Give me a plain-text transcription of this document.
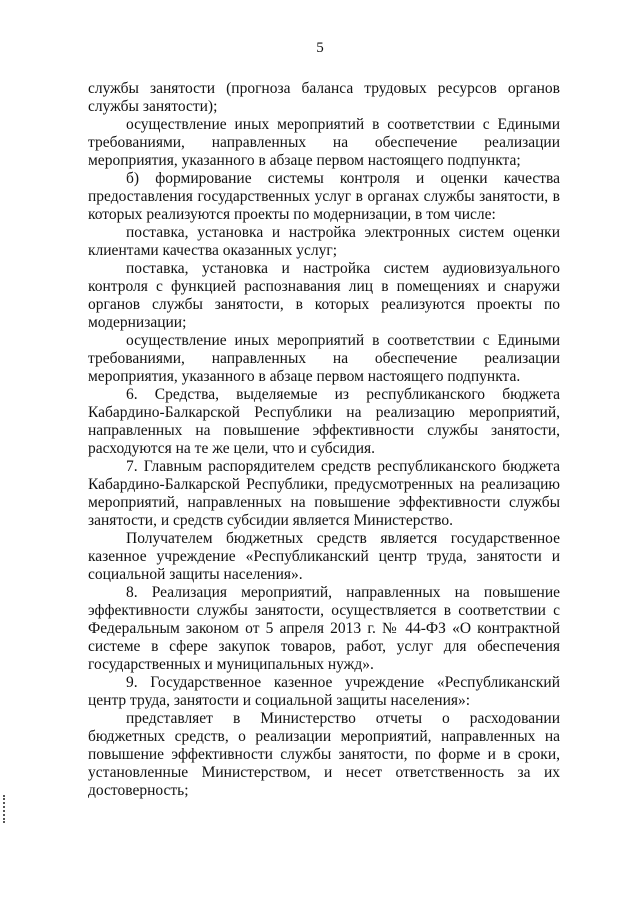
5

службы занятости (прогноза баланса трудовых ресурсов органов службы занятости);

осуществление иных мероприятий в соответствии с Едиными требованиями, направленных на обеспечение реализации мероприятия, указанного в абзаце первом настоящего подпункта;

б) формирование системы контроля и оценки качества предоставления государственных услуг в органах службы занятости, в которых реализуются проекты по модернизации, в том числе:

поставка, установка и настройка электронных систем оценки клиентами качества оказанных услуг;

поставка, установка и настройка систем аудиовизуального контроля с функцией распознавания лиц в помещениях и снаружи органов службы занятости, в которых реализуются проекты по модернизации;

осуществление иных мероприятий в соответствии с Едиными требованиями, направленных на обеспечение реализации мероприятия, указанного в абзаце первом настоящего подпункта.

6. Средства, выделяемые из республиканского бюджета Кабардино-Балкарской Республики на реализацию мероприятий, направленных на повышение эффективности службы занятости, расходуются на те же цели, что и субсидия.

7. Главным распорядителем средств республиканского бюджета Кабардино-Балкарской Республики, предусмотренных на реализацию мероприятий, направленных на повышение эффективности службы занятости, и средств субсидии является Министерство.

Получателем бюджетных средств является государственное казенное учреждение «Республиканский центр труда, занятости и социальной защиты населения».

8. Реализация мероприятий, направленных на повышение эффективности службы занятости, осуществляется в соответствии с Федеральным законом от 5 апреля 2013 г. № 44-ФЗ «О контрактной системе в сфере закупок товаров, работ, услуг для обеспечения государственных и муниципальных нужд».

9. Государственное казенное учреждение «Республиканский центр труда, занятости и социальной защиты населения»:

представляет в Министерство отчеты о расходовании бюджетных средств, о реализации мероприятий, направленных на повышение эффективности службы занятости, по форме и в сроки, установленные Министерством, и несет ответственность за их достоверность;
